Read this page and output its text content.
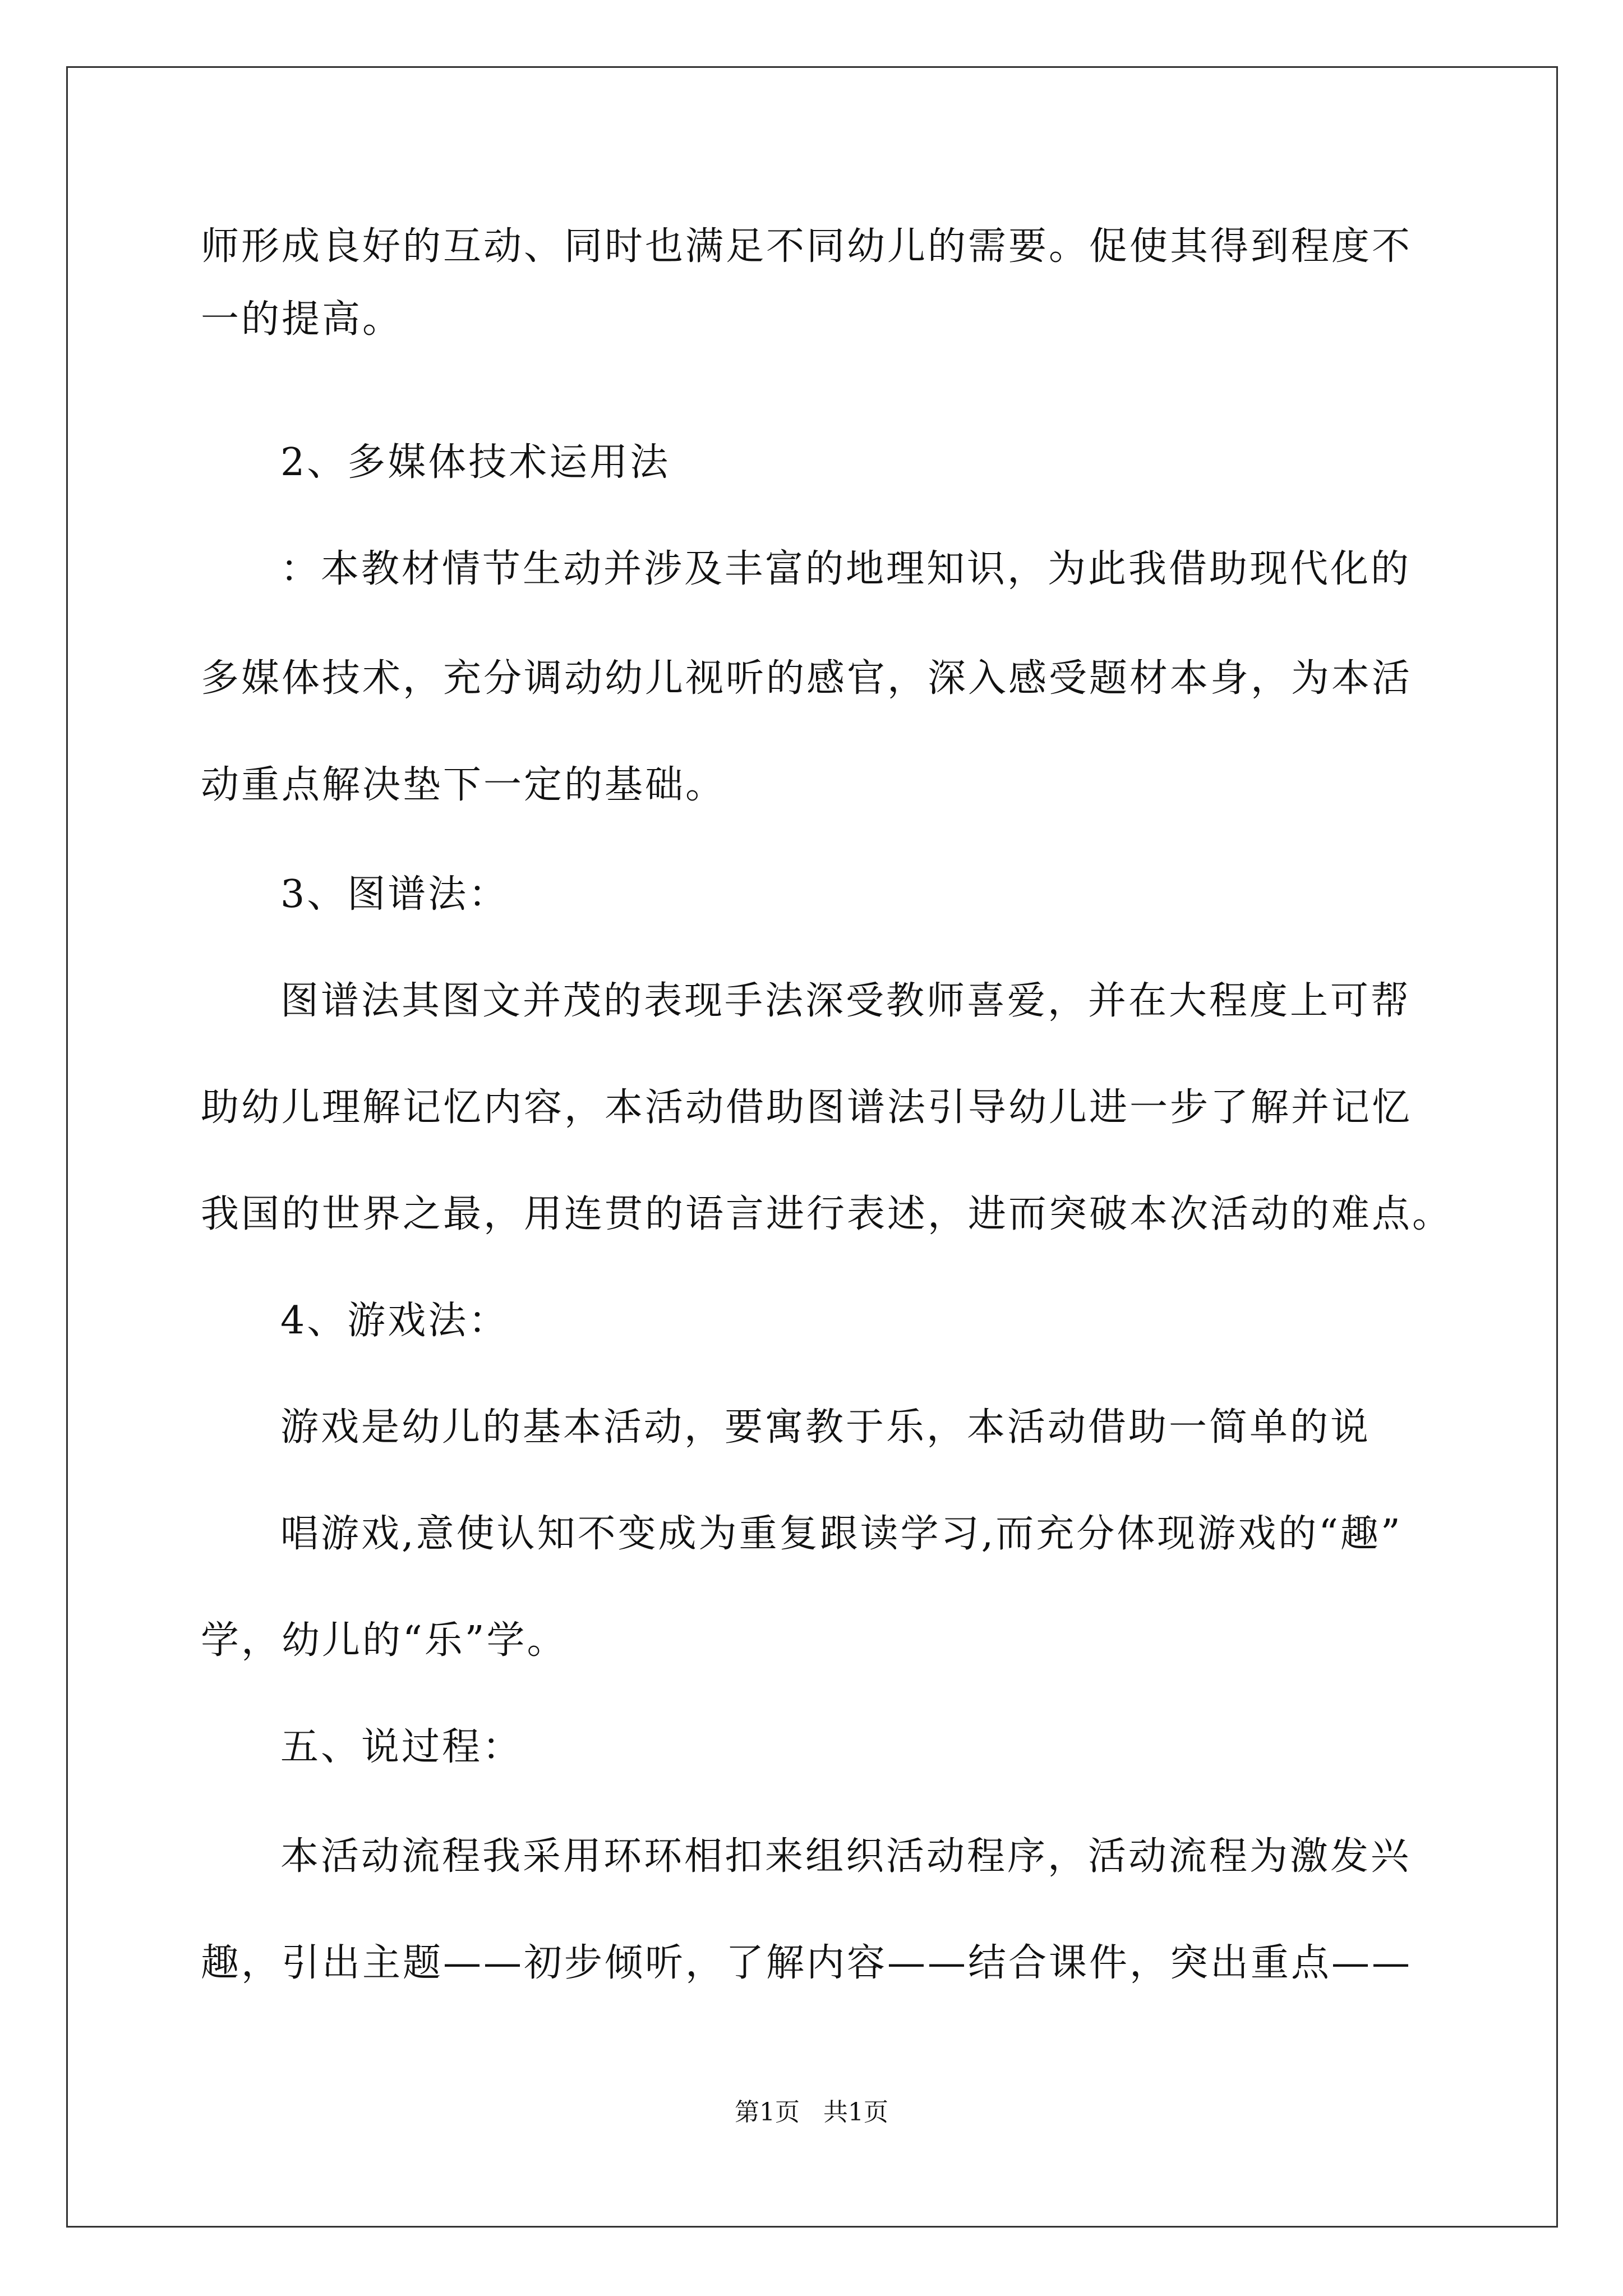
师形成良好的互动、同时也满足不同幼儿的需要。促使其得到程度不
一的提高。
2、多媒体技术运用法
：本教材情节生动并涉及丰富的地理知识，为此我借助现代化的
多媒体技术，充分调动幼儿视听的感官，深入感受题材本身，为本活
动重点解决垫下一定的基础。
3、图谱法：
图谱法其图文并茂的表现手法深受教师喜爱，并在大程度上可帮
助幼儿理解记忆内容，本活动借助图谱法引导幼儿进一步了解并记忆
我国的世界之最，用连贯的语言进行表述，进而突破本次活动的难点。
4、游戏法：
游戏是幼儿的基本活动，要寓教于乐，本活动借助一简单的说
唱游戏,意使认知不变成为重复跟读学习,而充分体现游戏的“趣”
学，幼儿的“乐”学。
五、说过程：
本活动流程我采用环环相扣来组织活动程序，活动流程为激发兴
趣，引出主题——初步倾听，了解内容——结合课件，突出重点——
第1页   共1页
